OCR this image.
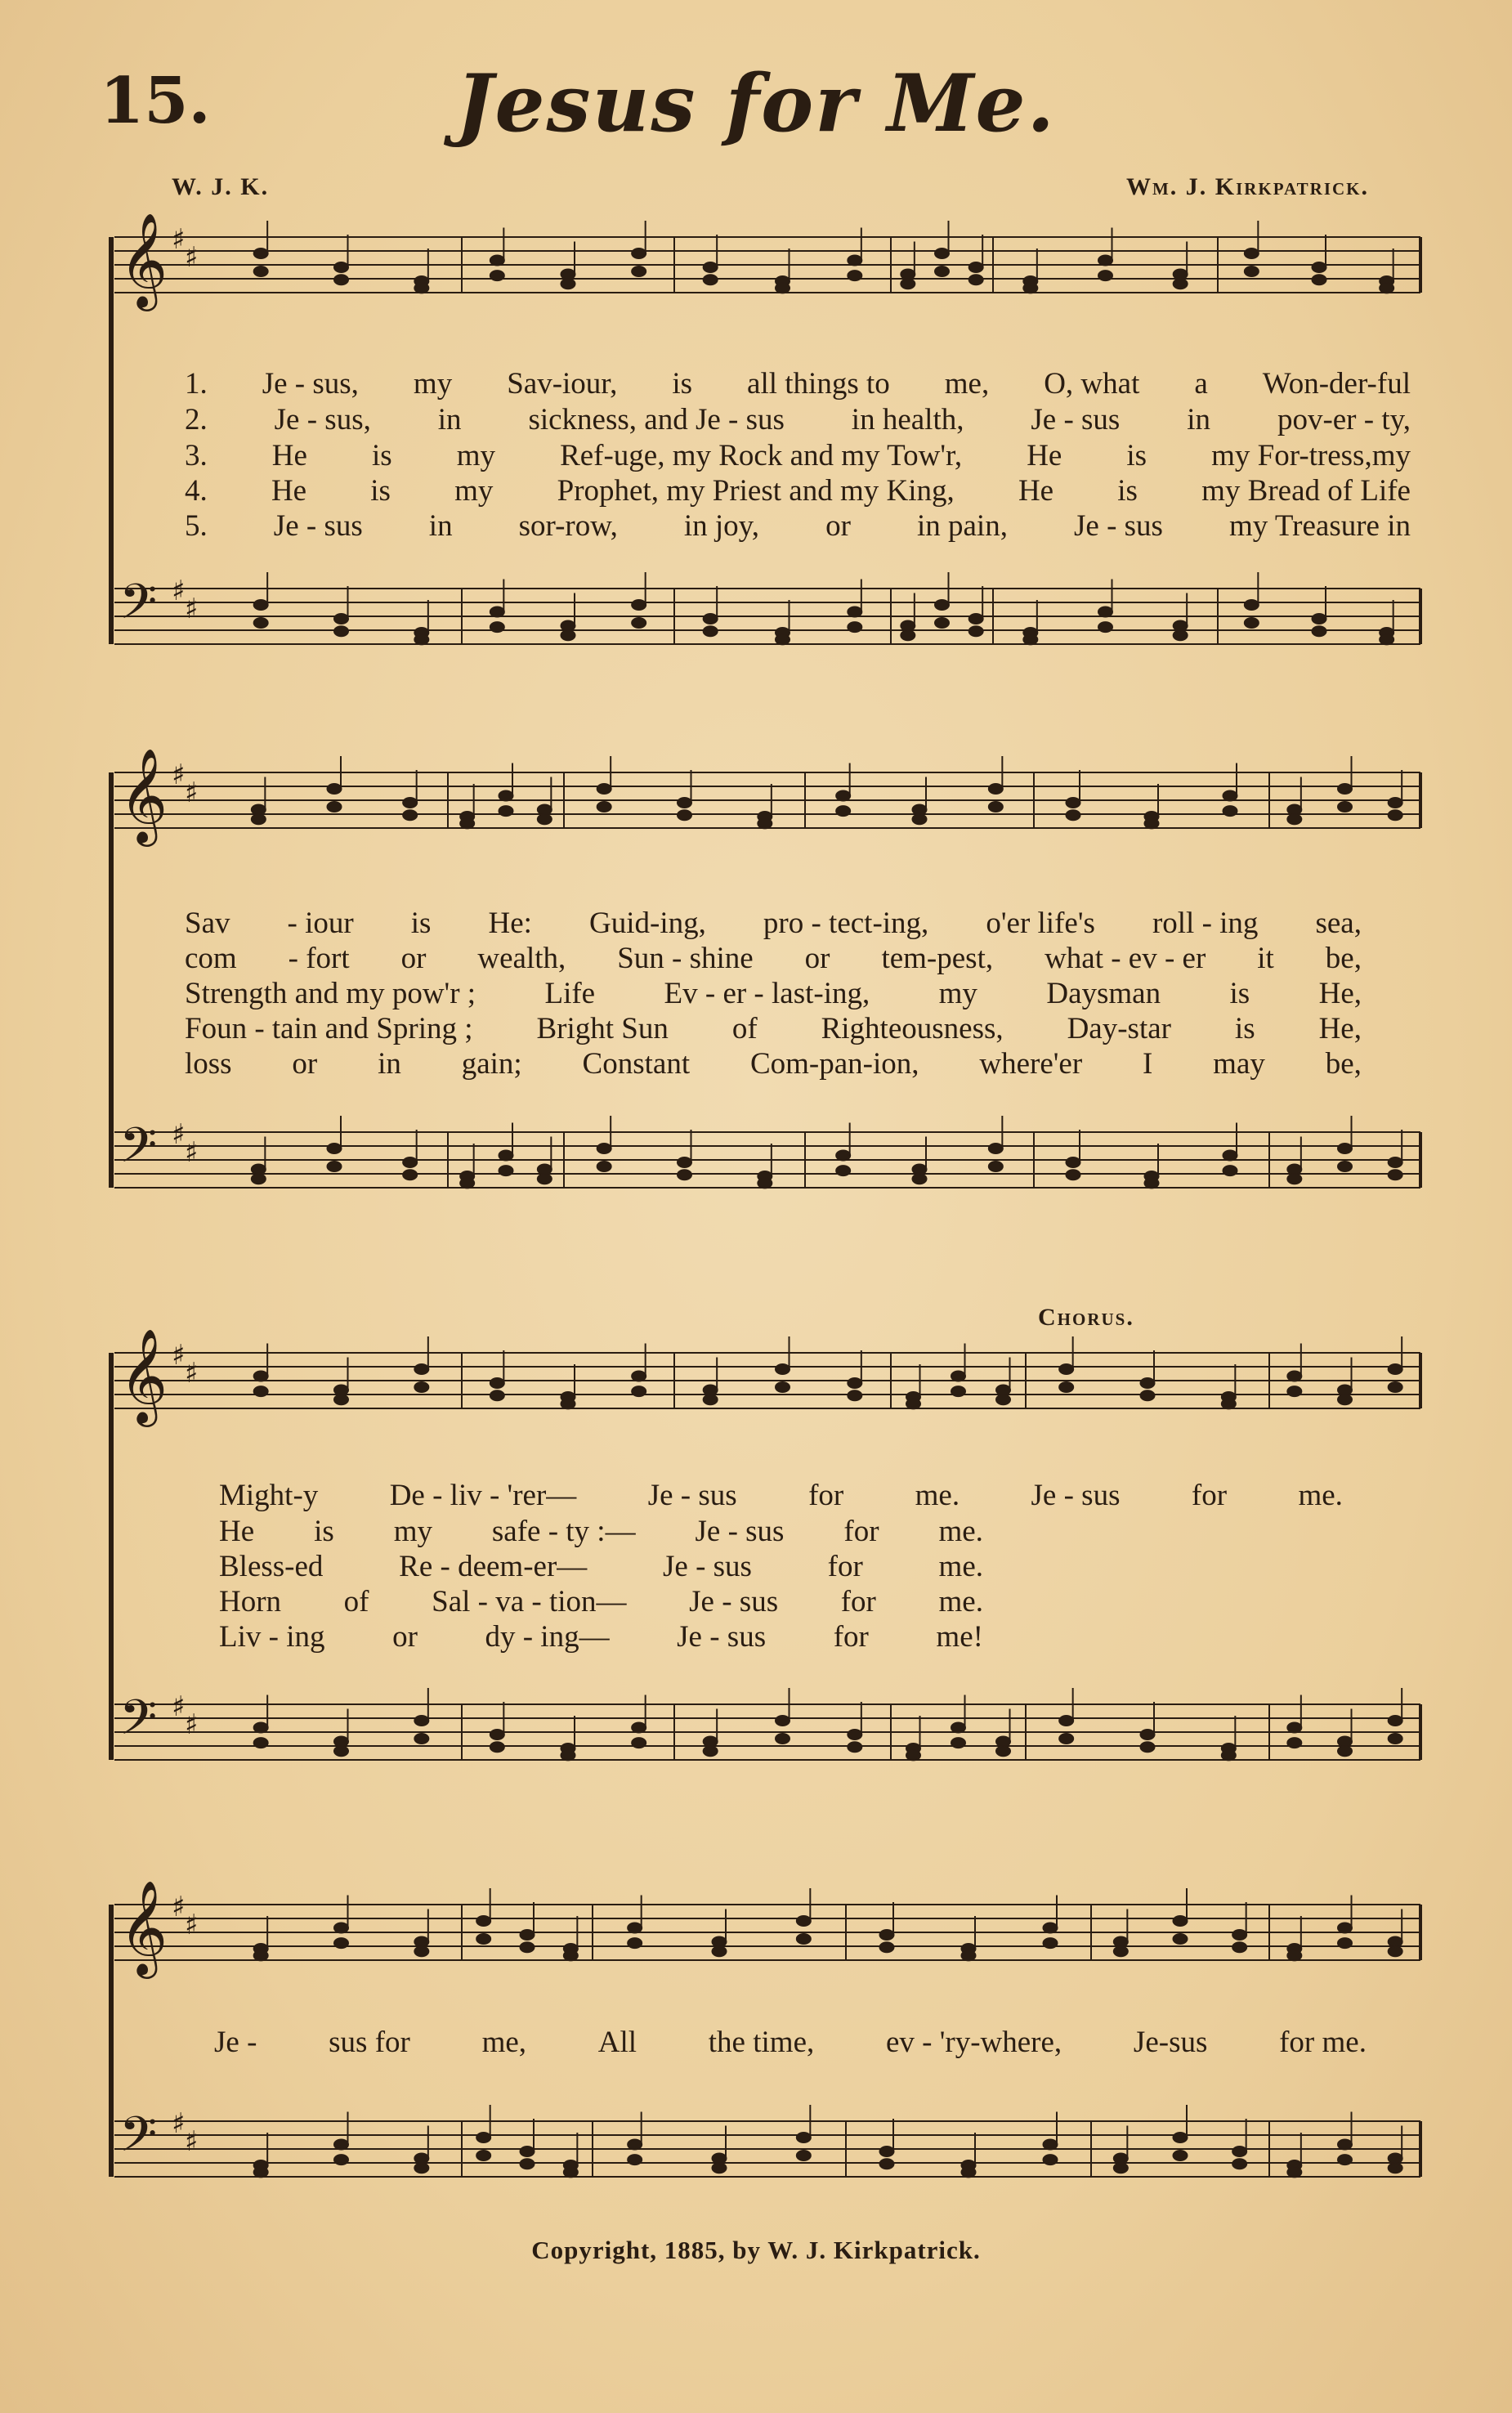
15.	Jesus for Me.
W. J. K.	Wm. J. Kirkpatrick.
𝄞 ♯
♯
𝄢 ♯
♯
𝄞 ♯
♯
𝄢 ♯
♯
𝄞 ♯
♯
𝄢 ♯
♯
𝄞 ♯
♯
𝄢 ♯
♯
1. Je - sus, my Sav-iour, is all things to me, O, what a Won-der-ful
2. Je - sus, in sickness, and Je - sus in health, Je - sus in pov-er - ty,
3. He is my Ref-uge, my Rock and my Tow'r, He is my For-tress,my
4. He is my Prophet, my Priest and my King, He is my Bread of Life
5. Je - sus in sor-row, in joy, or in pain, Je - sus my Treasure in
Sav - iour is He: Guid-ing, pro - tect-ing, o'er life's roll - ing sea,
com - fort or wealth, Sun - shine or tem-pest, what - ev - er it be,
Strength and my pow'r ; Life Ev - er - last-ing, my Daysman is He,
Foun - tain and Spring ; Bright Sun of Righteousness, Day-star is He,
loss or in gain; Constant Com-pan-ion, where'er I may be,
Chorus.
Might-y De - liv - 'rer— Je - sus for me. Je - sus for me.
He is my safe - ty :— Je - sus for me.
Bless-ed	Re - deem-er—	Je - sus	for	me.
Horn of Sal - va - tion— Je - sus for me.
Liv - ing or dy - ing— Je - sus for me!
Je - sus for me, All the time, ev - 'ry-where, Je-sus for me.
Copyright, 1885, by W. J. Kirkpatrick.
